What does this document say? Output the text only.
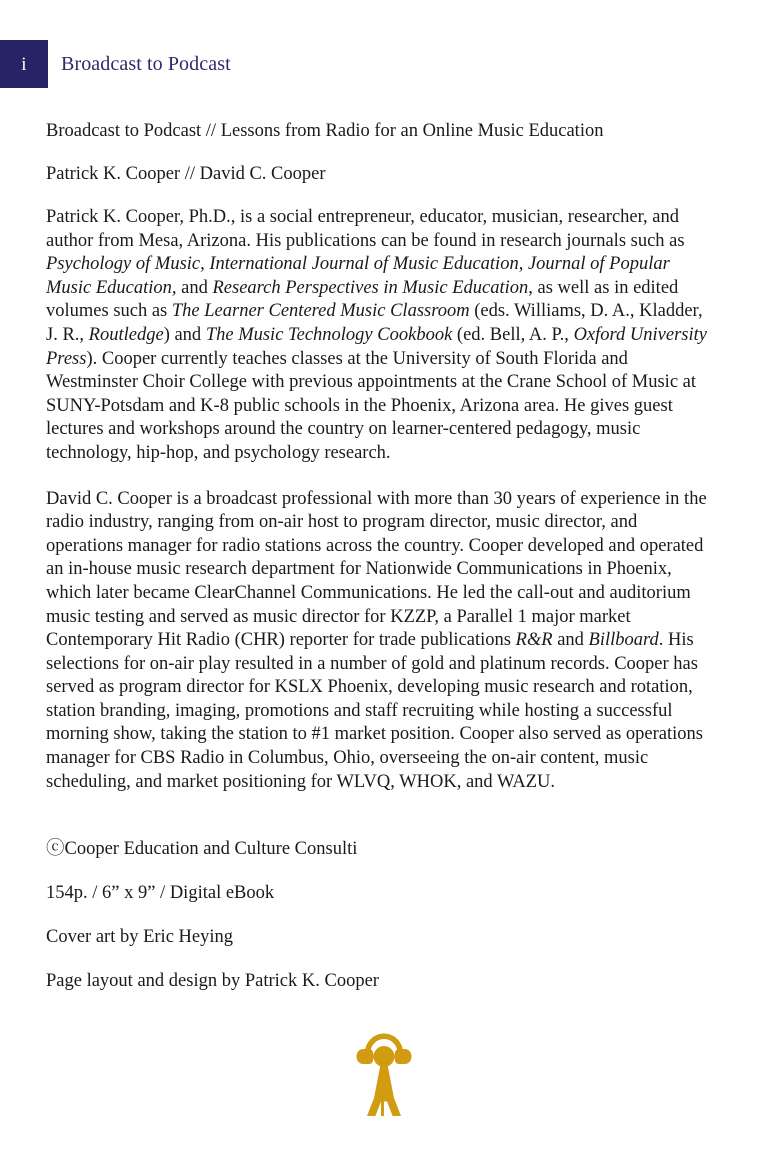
i Broadcast to Podcast

Broadcast to Podcast // Lessons from Radio for an Online Music Education

Patrick K. Cooper // David C. Cooper

Patrick K. Cooper, Ph.D., is a social entrepreneur, educator, musician, researcher, and author from Mesa, Arizona. His publications can be found in research journals such as Psychology of Music, International Journal of Music Education, Journal of Popular Music Education, and Research Perspectives in Music Education, as well as in edited volumes such as The Learner Centered Music Classroom (eds. Williams, D. A., Kladder, J. R., Routledge) and The Music Technology Cookbook (ed. Bell, A. P., Oxford University Press). Cooper currently teaches classes at the University of South Florida and Westminster Choir College with previous appointments at the Crane School of Music at SUNY-Potsdam and K-8 public schools in the Phoenix, Arizona area. He gives guest lectures and workshops around the country on learner-centered pedagogy, music technology, hip-hop, and psychology research.

David C. Cooper is a broadcast professional with more than 30 years of experience in the radio industry, ranging from on-air host to program director, music director, and operations manager for radio stations across the country. Cooper developed and operated an in-house music research department for Nationwide Communications in Phoenix, which later became ClearChannel Communications. He led the call-out and auditorium music testing and served as music director for KZZP, a Parallel 1 major market Contemporary Hit Radio (CHR) reporter for trade publications R&R and Billboard. His selections for on-air play resulted in a number of gold and platinum records. Cooper has served as program director for KSLX Phoenix, developing music research and rotation, station branding, imaging, promotions and staff recruiting while hosting a successful morning show, taking the station to #1 market position. Cooper also served as operations manager for CBS Radio in Columbus, Ohio, overseeing the on-air content, music scheduling, and market positioning for WLVQ, WHOK, and WAZU.

ⓒCooper Education and Culture Consulti

154p. / 6” x 9” / Digital eBook

Cover art by Eric Heying

Page layout and design by Patrick K. Cooper
